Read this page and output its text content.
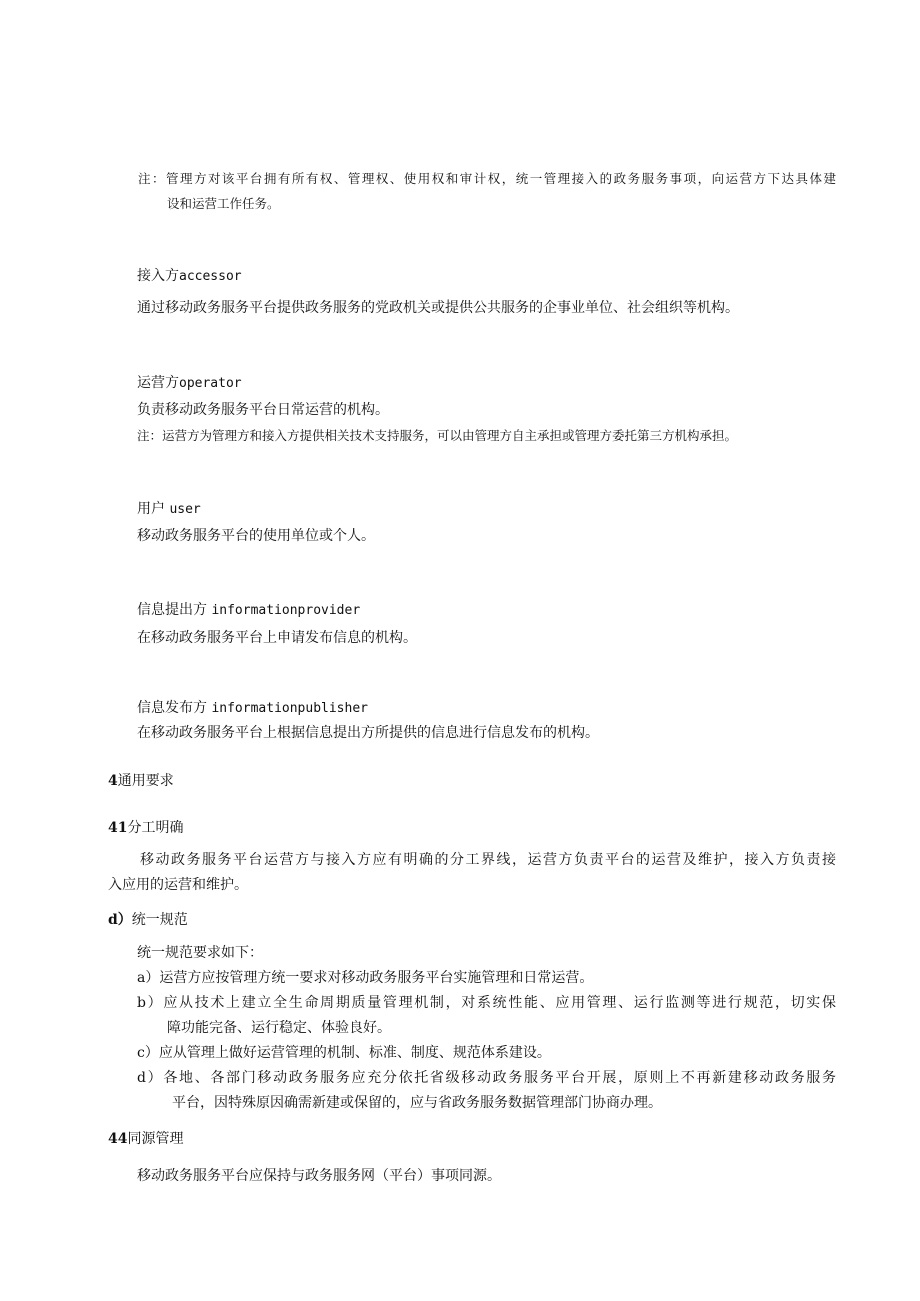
注：管理方对该平台拥有所有权、管理权、使用权和审计权，统一管理接入的政务服务事项，向运营方下达具体建
设和运营工作任务。
接入方accessor
通过移动政务服务平台提供政务服务的党政机关或提供公共服务的企事业单位、社会组织等机构。
运营方operator
负责移动政务服务平台日常运营的机构。
注：运营方为管理方和接入方提供相关技术支持服务，可以由管理方自主承担或管理方委托第三方机构承担。
用户 user
移动政务服务平台的使用单位或个人。
信息提出方 informationprovider
在移动政务服务平台上申请发布信息的机构。
信息发布方 informationpublisher
在移动政务服务平台上根据信息提出方所提供的信息进行信息发布的机构。
4通用要求
41分工明确
移动政务服务平台运营方与接入方应有明确的分工界线，运营方负责平台的运营及维护，接入方负责接
入应用的运营和维护。
d）统一规范
统一规范要求如下：
a）运营方应按管理方统一要求对移动政务服务平台实施管理和日常运营。
b）应从技术上建立全生命周期质量管理机制，对系统性能、应用管理、运行监测等进行规范，切实保
障功能完备、运行稳定、体验良好。
c）应从管理上做好运营管理的机制、标准、制度、规范体系建设。
d）各地、各部门移动政务服务应充分依托省级移动政务服务平台开展，原则上不再新建移动政务服务
平台，因特殊原因确需新建或保留的，应与省政务服务数据管理部门协商办理。
44同源管理
移动政务服务平台应保持与政务服务网（平台）事项同源。
